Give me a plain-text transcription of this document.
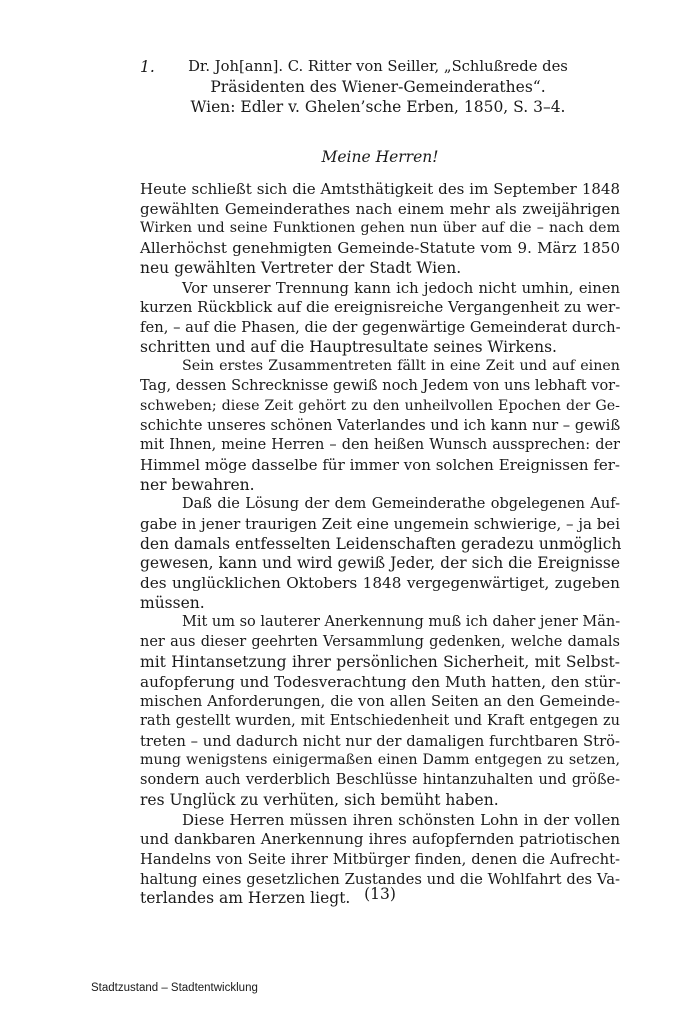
1. Dr. Joh[ann]. C. Ritter von Seiller, „Schlußrede des
Präsidenten des Wiener-Gemeinderathes“.
Wien: Edler v. Ghelen’sche Erben, 1850, S. 3–4.
Meine Herren!
Heute schließt sich die Amtsthätigkeit des im September 1848
gewählten Gemeinderathes nach einem mehr als zweijährigen
Wirken und seine Funktionen gehen nun über auf die – nach dem
Allerhöchst genehmigten Gemeinde-Statute vom 9. März 1850
neu gewählten Vertreter der Stadt Wien.
Vor unserer Trennung kann ich jedoch nicht umhin, einen
kurzen Rückblick auf die ereignisreiche Vergangenheit zu wer-
fen, – auf die Phasen, die der gegenwärtige Gemeinderat durch-
schritten und auf die Hauptresultate seines Wirkens.
Sein erstes Zusammentreten fällt in eine Zeit und auf einen
Tag, dessen Schrecknisse gewiß noch Jedem von uns lebhaft vor-
schweben; diese Zeit gehört zu den unheilvollen Epochen der Ge-
schichte unseres schönen Vaterlandes und ich kann nur – gewiß
mit Ihnen, meine Herren – den heißen Wunsch aussprechen: der
Himmel möge dasselbe für immer von solchen Ereignissen fer-
ner bewahren.
Daß die Lösung der dem Gemeinderathe obgelegenen Auf-
gabe in jener traurigen Zeit eine ungemein schwierige, – ja bei
den damals entfesselten Leidenschaften geradezu unmöglich
gewesen, kann und wird gewiß Jeder, der sich die Ereignisse
des unglücklichen Oktobers 1848 vergegenwärtiget, zugeben
müssen.
Mit um so lauterer Anerkennung muß ich daher jener Män-
ner aus dieser geehrten Versammlung gedenken, welche damals
mit Hintansetzung ihrer persönlichen Sicherheit, mit Selbst-
aufopferung und Todesverachtung den Muth hatten, den stür-
mischen Anforderungen, die von allen Seiten an den Gemeinde-
rath gestellt wurden, mit Entschiedenheit und Kraft entgegen zu
treten – und dadurch nicht nur der damaligen furchtbaren Strö-
mung wenigstens einigermaßen einen Damm entgegen zu setzen,
sondern auch verderblich Beschlüsse hintanzuhalten und größe-
res Unglück zu verhüten, sich bemüht haben.
Diese Herren müssen ihren schönsten Lohn in der vollen
und dankbaren Anerkennung ihres aufopfernden patriotischen
Handelns von Seite ihrer Mitbürger finden, denen die Aufrecht-
haltung eines gesetzlichen Zustandes und die Wohlfahrt des Va-
terlandes am Herzen liegt. (13)
Stadtzustand – Stadtentwicklung
